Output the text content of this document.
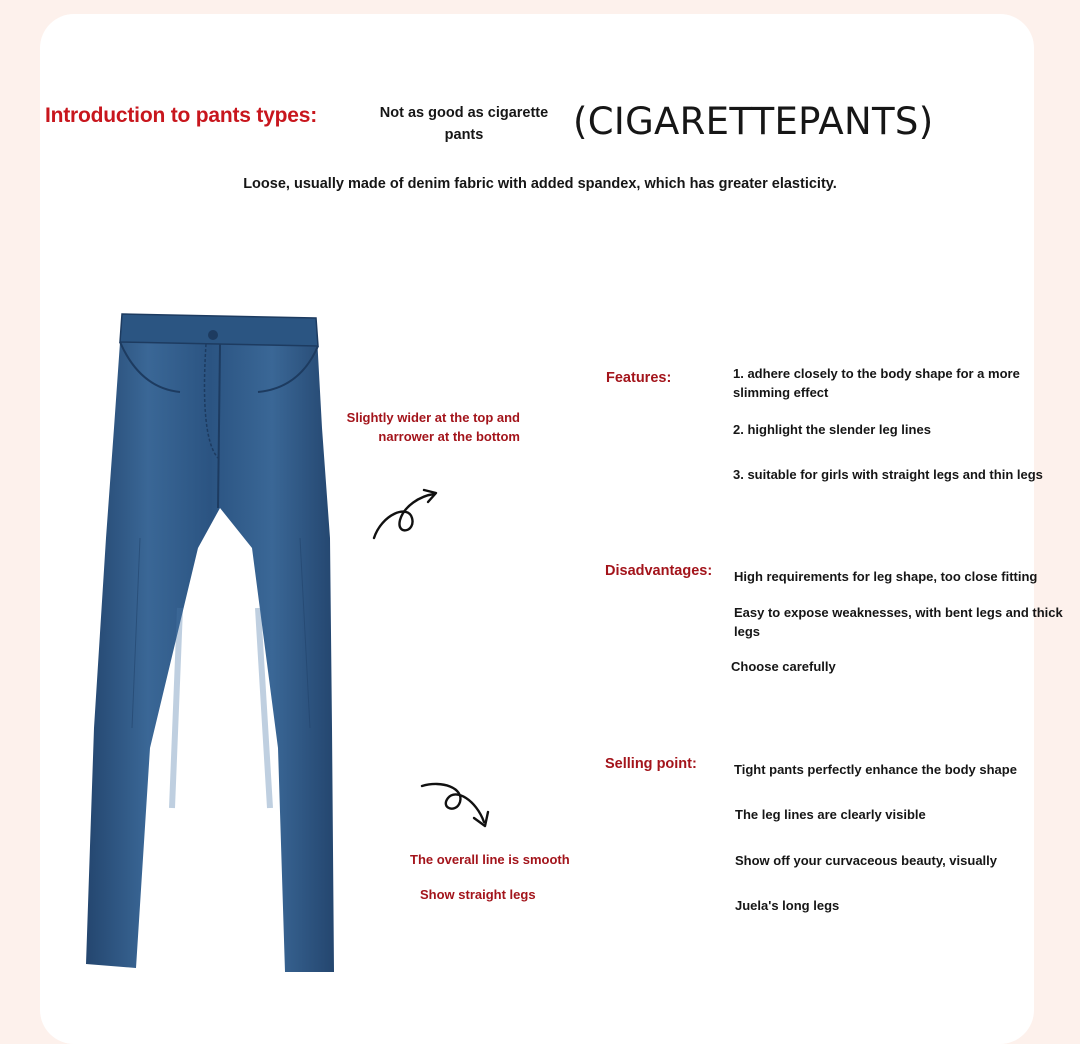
Introduction to pants types:	Not as good as cigarette pants	(CIGARETTEPANTS)
Loose, usually made of denim fabric with added spandex, which has greater elasticity.
Slightly wider at the top and narrower at the bottom
The overall line is smooth
Show straight legs
Features:	1. adhere closely to the body shape for a more slimming effect
2. highlight the slender leg lines
3. suitable for girls with straight legs and thin legs
Disadvantages: High requirements for leg shape, too close fitting
Easy to expose weaknesses, with bent legs and thick legs
Choose carefully
Selling point:	Tight pants perfectly enhance the body shape
The leg lines are clearly visible
Show off your curvaceous beauty, visually
Juela's long legs
